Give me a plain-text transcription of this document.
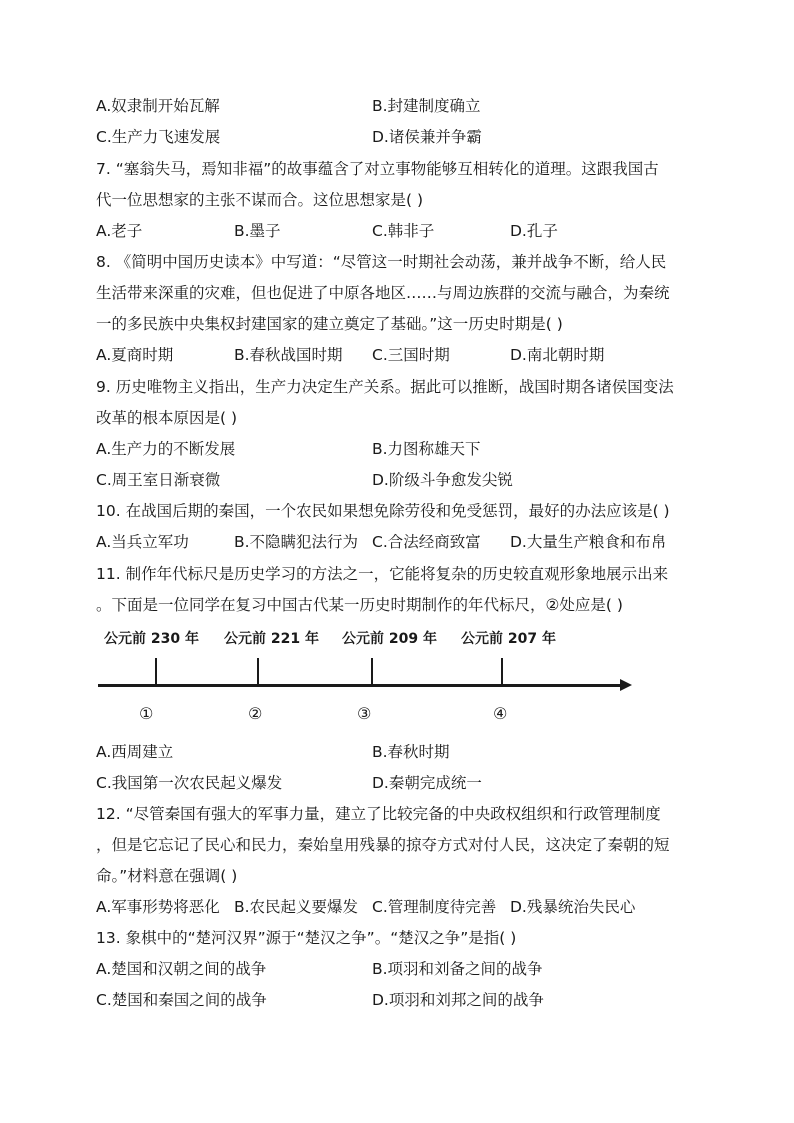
A.奴隶制开始瓦解	B.封建制度确立
C.生产力飞速发展	D.诸侯兼并争霸
7. “塞翁失马，焉知非福”的故事蕴含了对立事物能够互相转化的道理。这跟我国古
代一位思想家的主张不谋而合。这位思想家是( )
A.老子	B.墨子	C.韩非子	D.孔子
8. 《简明中国历史读本》中写道：“尽管这一时期社会动荡，兼并战争不断，给人民
生活带来深重的灾难，但也促进了中原各地区……与周边族群的交流与融合，为秦统
一的多民族中央集权封建国家的建立奠定了基础。”这一历史时期是( )
A.夏商时期	B.春秋战国时期 C.三国时期	D.南北朝时期
9. 历史唯物主义指出，生产力决定生产关系。据此可以推断，战国时期各诸侯国变法
改革的根本原因是( )
A.生产力的不断发展	B.力图称雄天下
C.周王室日渐衰微	D.阶级斗争愈发尖锐
10. 在战国后期的秦国，一个农民如果想免除劳役和免受惩罚，最好的办法应该是( )
A.当兵立军功	B.不隐瞒犯法行为 C.合法经商致富 D.大量生产粮食和布帛
11. 制作年代标尺是历史学习的方法之一，它能将复杂的历史较直观形象地展示出来
。下面是一位同学在复习中国古代某一历史时期制作的年代标尺，②处应是( )
公元前 230 年 公元前 221 年 公元前 209 年 公元前 207 年
①	②	③	④
A.西周建立	B.春秋时期
C.我国第一次农民起义爆发	D.秦朝完成统一
12. “尽管秦国有强大的军事力量，建立了比较完备的中央政权组织和行政管理制度
，但是它忘记了民心和民力，秦始皇用残暴的掠夺方式对付人民，这决定了秦朝的短
命。”材料意在强调( )
A.军事形势将恶化 B.农民起义要爆发 C.管理制度待完善 D.残暴统治失民心
13. 象棋中的“楚河汉界”源于“楚汉之争”。“楚汉之争”是指( )
A.楚国和汉朝之间的战争	B.项羽和刘备之间的战争
C.楚国和秦国之间的战争	D.项羽和刘邦之间的战争
